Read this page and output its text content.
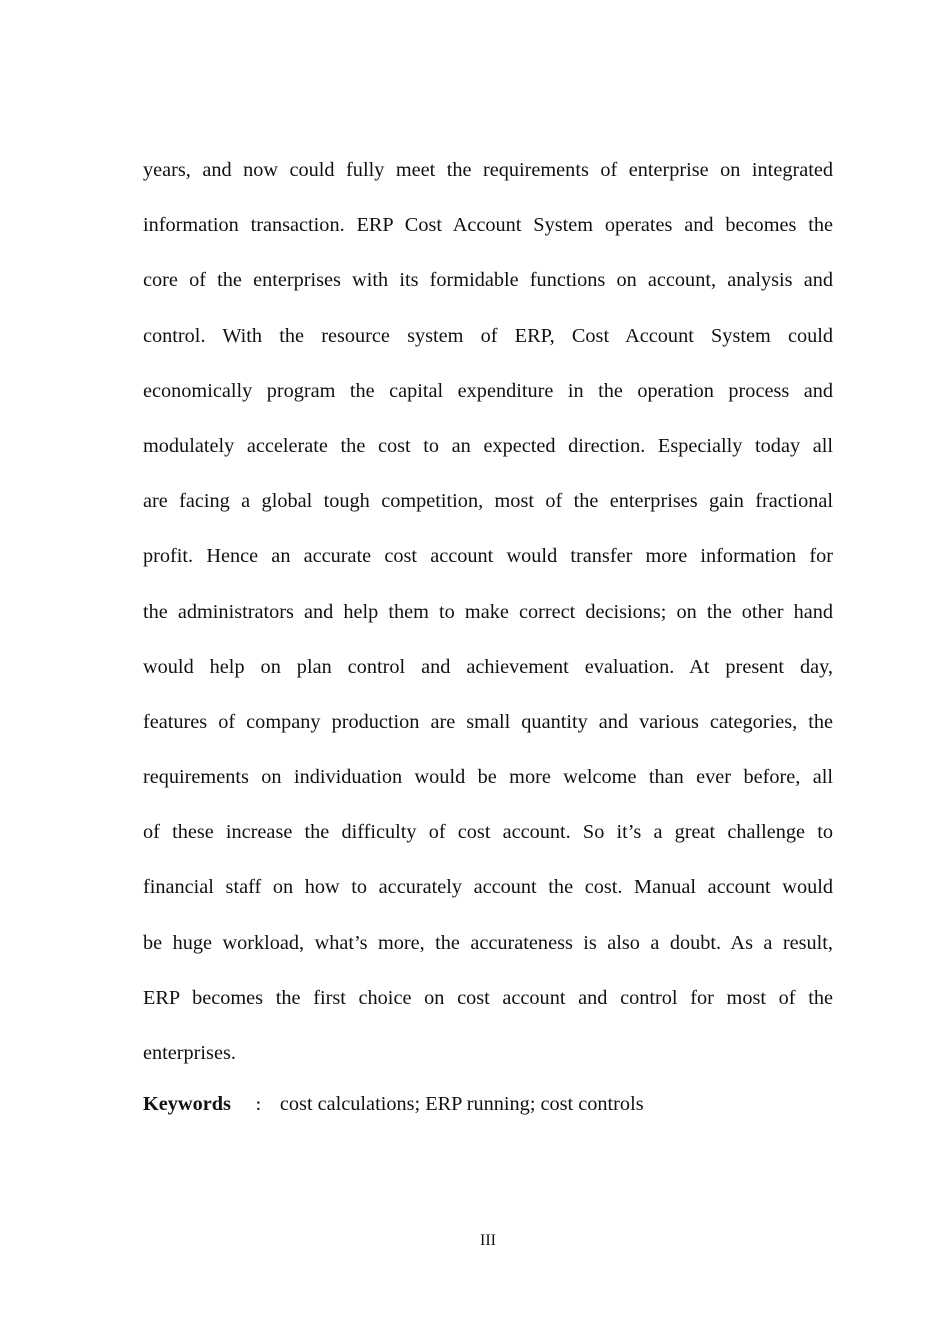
years, and now could fully meet the requirements of enterprise on integrated
information transaction. ERP Cost Account System operates and becomes the
core of the enterprises with its formidable functions on account, analysis and
control. With the resource system of ERP, Cost Account System could
economically program the capital expenditure in the operation process and
modulately accelerate the cost to an expected direction. Especially today all
are facing a global tough competition, most of the enterprises gain fractional
profit. Hence an accurate cost account would transfer more information for
the administrators and help them to make correct decisions; on the other hand
would help on plan control and achievement evaluation. At present day,
features of company production are small quantity and various categories, the
requirements on individuation would be more welcome than ever before, all
of these increase the difficulty of cost account. So it’s a great challenge to
financial staff on how to accurately account the cost. Manual account would
be huge workload, what’s more, the accurateness is also a doubt. As a result,
ERP becomes the first choice on cost account and control for most of the
enterprises.
Keywords ： cost calculations; ERP running; cost controls
III
